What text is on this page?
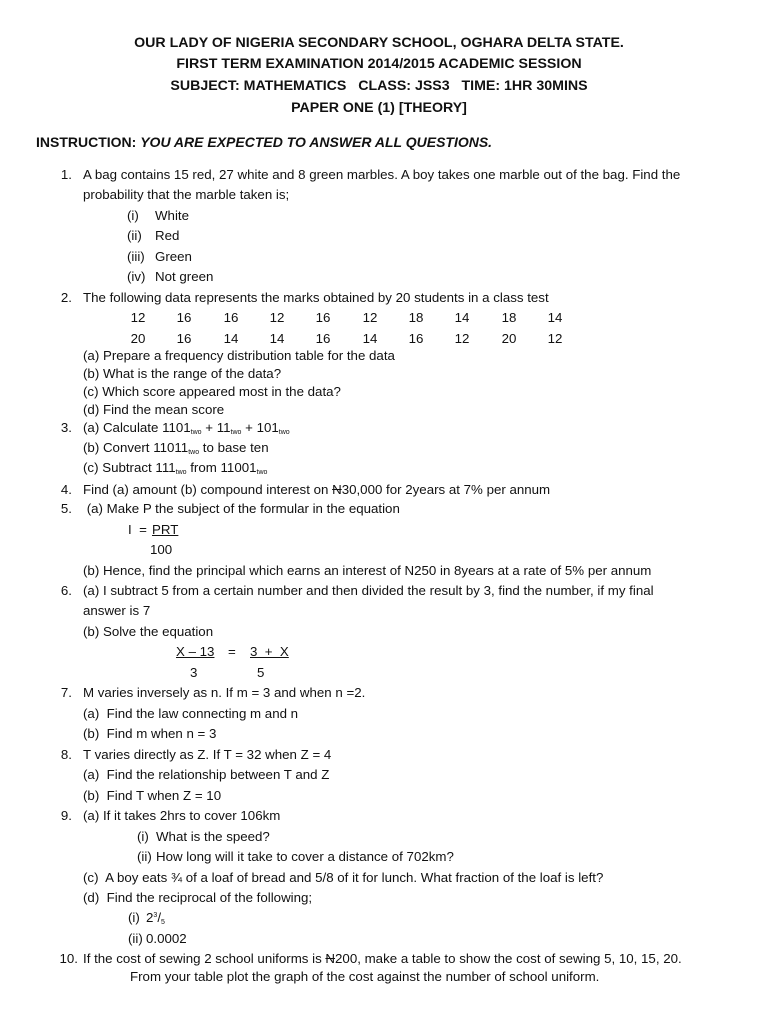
OUR LADY OF NIGERIA SECONDARY SCHOOL, OGHARA DELTA STATE.
FIRST TERM EXAMINATION 2014/2015 ACADEMIC SESSION
SUBJECT: MATHEMATICS   CLASS: JSS3   TIME: 1HR 30MINS
PAPER ONE (1) [THEORY]
INSTRUCTION: YOU ARE EXPECTED TO ANSWER ALL QUESTIONS.
1. A bag contains 15 red, 27 white and 8 green marbles. A boy takes one marble out of the bag. Find the
probability that the marble taken is;
(i) White
(ii) Red
(iii) Green
(iv) Not green
2. The following data represents the marks obtained by 20 students in a class test
12	16	16	12	16	12	18	14	18	14
20	16	14	14	16	14	16	12	20	12
(a) Prepare a frequency distribution table for the data
(b) What is the range of the data?
(c) Which score appeared most in the data?
(d) Find the mean score
3. (a) Calculate $1101_{two} + 11_{two} + 101_{two}$
(b) Convert $11011_{two}$ to base ten
(c) Subtract $111_{two}$ from $11001_{two}$
4. Find (a) amount (b) compound interest on N30,000 for 2years at 7% per annum
5. (a) Make P the subject of the formular in the equation
I  = PRT
100
(b) Hence, find the principal which earns an interest of N250 in 8years at a rate of 5% per annum
6. (a) I subtract 5 from a certain number and then divided the result by 3, find the number, if my final
answer is 7
(b) Solve the equation
X – 13 = 3  +  X
3	5
7. M varies inversely as n. If m = 3 and when n =2.
(a)  Find the law connecting m and n
(b)  Find m when n = 3
8. T varies directly as Z. If T = 32 when Z = 4
(a)  Find the relationship between T and Z
(b)  Find T when Z = 10
9. (a) If it takes 2hrs to cover 106km
(i) What is the speed?
(ii) How long will it take to cover a distance of 702km?
(c)  A boy eats ¾ of a loaf of bread and 5/8 of it for lunch. What fraction of the loaf is left?
(d)  Find the reciprocal of the following;
(i) $2^3/_5$
(ii) 0.0002
10. If the cost of sewing 2 school uniforms is N200, make a table to show the cost of sewing 5, 10, 15, 20.
From your table plot the graph of the cost against the number of school uniform.
